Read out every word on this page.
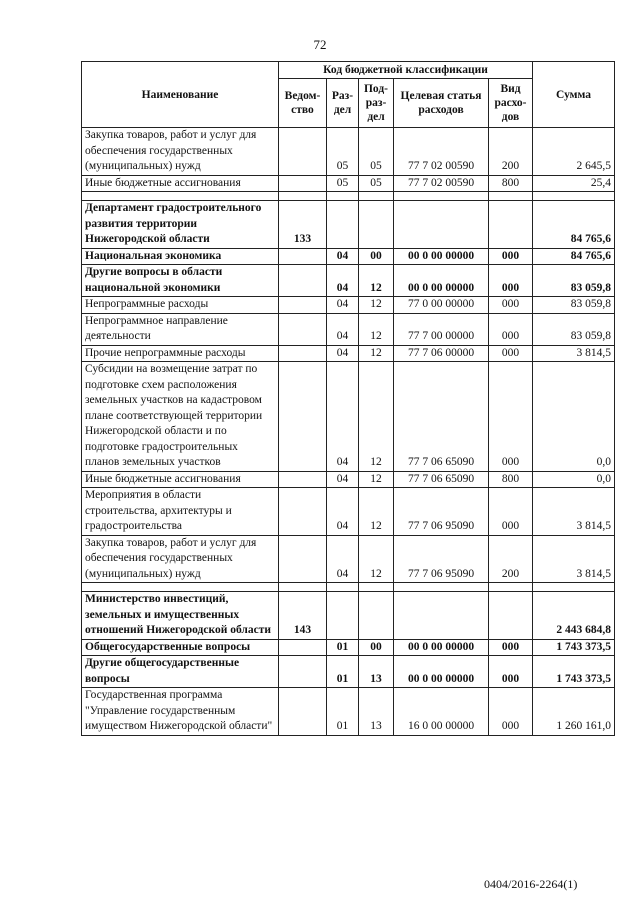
72
Наименование	Код бюджетной классификации					Сумма
	Ведом-ство	Раз-дел	Под-раз-дел	Целевая статья расходов	Вид расхо-дов	
Закупка товаров, работ и услуг для обеспечения государственных (муниципальных) нужд		05	05	77 7 02 00590	200	2 645,5
Иные бюджетные ассигнования		05	05	77 7 02 00590	800	25,4

Департамент градостроительного развития территории Нижегородской области	133					84 765,6
Национальная экономика		04	00	00 0 00 00000	000	84 765,6
Другие вопросы в области национальной экономики		04	12	00 0 00 00000	000	83 059,8
Непрограммные расходы		04	12	77 0 00 00000	000	83 059,8
Непрограммное направление деятельности		04	12	77 7 00 00000	000	83 059,8
Прочие непрограммные расходы		04	12	77 7 06 00000	000	3 814,5
Субсидии на возмещение затрат по подготовке схем расположения земельных участков на кадастровом плане соответствующей территории Нижегородской области и по подготовке градостроительных планов земельных участков		04	12	77 7 06 65090	000	0,0
Иные бюджетные ассигнования		04	12	77 7 06 65090	800	0,0
Мероприятия в области строительства, архитектуры и градостроительства		04	12	77 7 06 95090	000	3 814,5
Закупка товаров, работ и услуг для обеспечения государственных (муниципальных) нужд		04	12	77 7 06 95090	200	3 814,5

Министерство инвестиций, земельных и имущественных отношений Нижегородской области	143					2 443 684,8
Общегосударственные вопросы		01	00	00 0 00 00000	000	1 743 373,5
Другие общегосударственные вопросы		01	13	00 0 00 00000	000	1 743 373,5
Государственная программа "Управление государственным имуществом Нижегородской области"		01	13	16 0 00 00000	000	1 260 161,0
0404/2016-2264(1)
